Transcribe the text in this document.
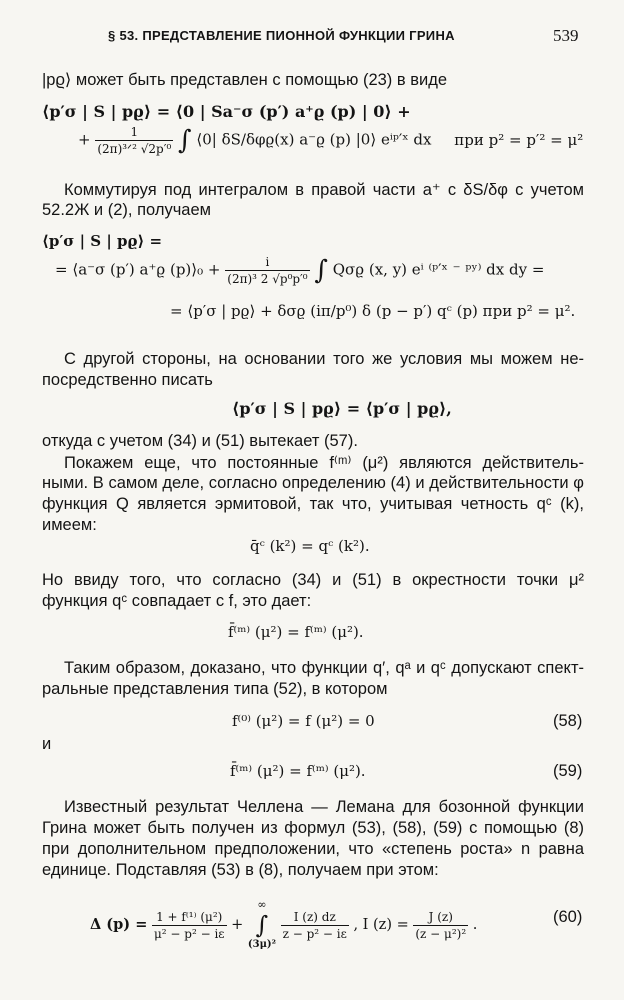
§ 53. ПРЕДСТАВЛЕНИЕ ПИОННОЙ ФУНКЦИИ ГРИНА	539
|pϱ⟩ может быть представлен с помощью (23) в виде
⟨p′σ | S | pϱ⟩ = ⟨0 | Sa⁻σ (p′) a⁺ϱ (p) | 0⟩ +
+ $\frac{1}{\text{(2π)³ᐟ² √2p′⁰}}$ ∫ ⟨0| δS/δφϱ(x) a⁻ϱ (p) |0⟩ eⁱᵖ′ˣ dx при p² = p′² = μ²
Коммутируя под интегралом в правой части a⁺ с δS/δφ с учетом
52.2Ж и (2), получаем
⟨p′σ | S | pϱ⟩ =
= ⟨a⁻σ (p′) a⁺ϱ (p)⟩₀ + $\frac{i}{\text{(2π)³ 2 √p⁰p′⁰}}$ ∫ Qσϱ (x, y) eⁱ ⁽ᵖ′ˣ ⁻ ᵖʸ⁾ dx dy =
= ⟨p′σ | pϱ⟩ + δσϱ (iπ/p⁰) δ (p − p′) qᶜ (p) при p² = μ².
С другой стороны, на основании того же условия мы можем не-
посредственно писать
⟨p′σ | S | pϱ⟩ = ⟨p′σ | pϱ⟩,
откуда с учетом (34) и (51) вытекает (57).
Покажем еще, что постоянные f⁽ᵐ⁾ (μ²) являются действитель-
ными. В самом деле, согласно определению (4) и действительности φ
функция Q является эрмитовой, так что, учитывая четность qᶜ (k),
имеем:
q̄ᶜ (k²) = qᶜ (k²).
Но ввиду того, что согласно (34) и (51) в окрестности точки μ²
функция qᶜ совпадает с f, это дает:
f̄⁽ᵐ⁾ (μ²) = f⁽ᵐ⁾ (μ²).
Таким образом, доказано, что функции q′, qᵃ и qᶜ допускают спект-
ральные представления типа (52), в котором
f⁽⁰⁾ (μ²) = f (μ²) = 0	(58)
и
f̄⁽ᵐ⁾ (μ²) = f⁽ᵐ⁾ (μ²).	(59)
Известный результат Челлена — Лемана для бозонной функции
Грина может быть получен из формул (53), (58), (59) с помощью (8)
при дополнительном предположении, что «степень роста» n равна
единице. Подставляя (53) в (8), получаем при этом:
Δ $(p) = \frac{\text{1 + f⁽¹⁾ (μ²)}}{\text{μ² − p² − iε}}$ +
∞
∫
(3μ)²

$\frac{I (z) dz}{\text{z − p² − iε}}$ , I $(z) = \frac{J (z)}{\text{(z − μ²)²}}$ .	(60)
